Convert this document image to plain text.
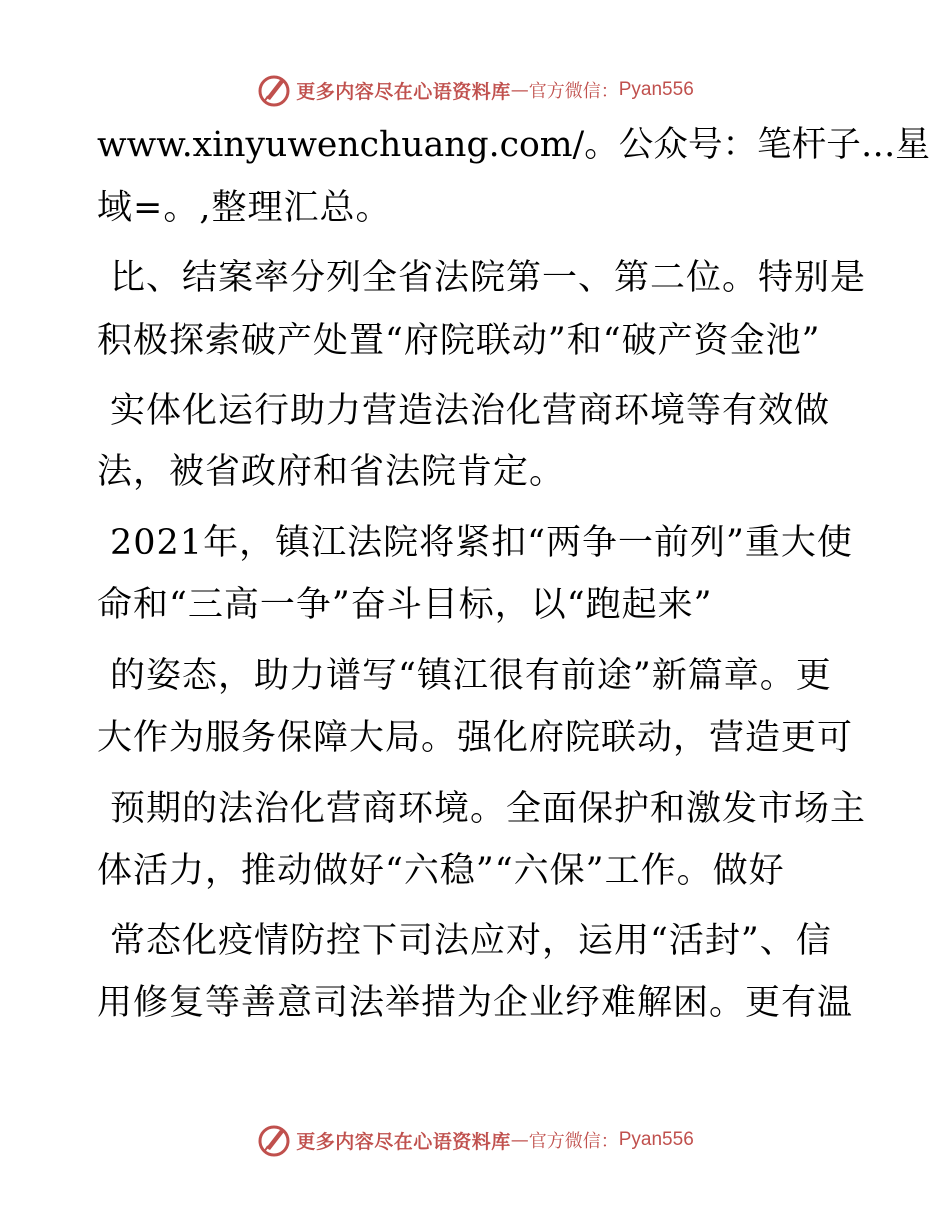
更多内容尽在心语资料库 — 官方微信： Pyan556
www.xinyuwenchuang.com/。公众号：笔杆子…星
域=。,整理汇总。
比、结案率分列全省法院第一、第二位。特别是
积极探索破产处置“府院联动”和“破产资金池”
实体化运行助力营造法治化营商环境等有效做
法，被省政府和省法院肯定。
2021年，镇江法院将紧扣“两争一前列”重大使
命和“三高一争”奋斗目标，以“跑起来”
的姿态，助力谱写“镇江很有前途”新篇章。更
大作为服务保障大局。强化府院联动，营造更可
预期的法治化营商环境。全面保护和激发市场主
体活力，推动做好“六稳”“六保”工作。做好
常态化疫情防控下司法应对，运用“活封”、信
用修复等善意司法举措为企业纾难解困。更有温
更多内容尽在心语资料库 — 官方微信： Pyan556
